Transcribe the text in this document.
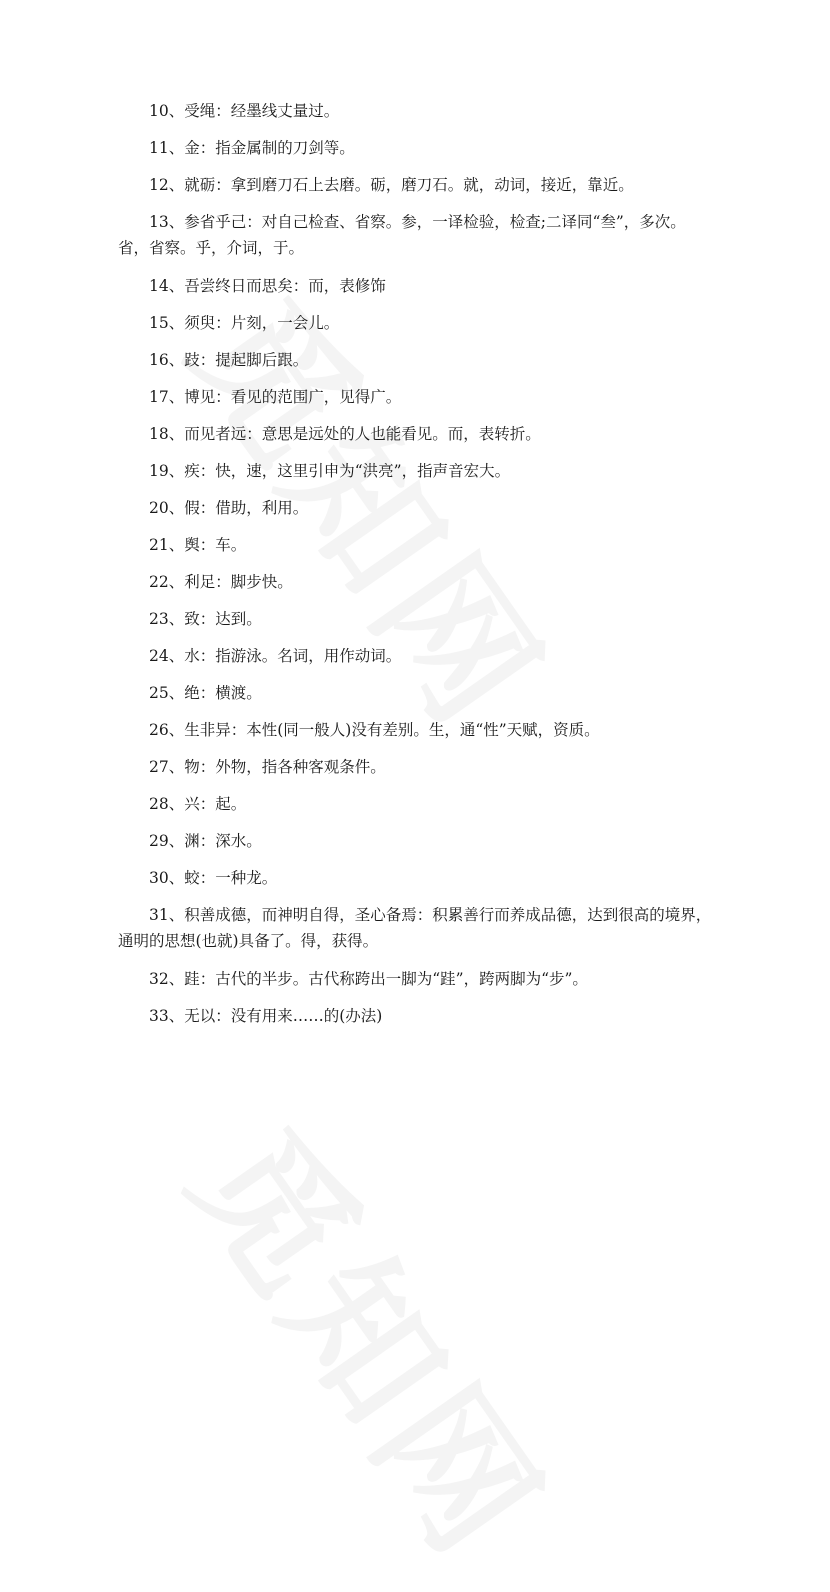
10、受绳：经墨线丈量过。

11、金：指金属制的刀剑等。

12、就砺：拿到磨刀石上去磨。砺，磨刀石。就，动词，接近，靠近。

13、参省乎己：对自己检查、省察。参，一译检验，检查;二译同“叁”，多次。省，省察。乎，介词，于。

14、吾尝终日而思矣：而，表修饰

15、须臾：片刻，一会儿。

16、跂：提起脚后跟。

17、博见：看见的范围广，见得广。

18、而见者远：意思是远处的人也能看见。而，表转折。

19、疾：快，速，这里引申为“洪亮”，指声音宏大。

20、假：借助，利用。

21、舆：车。

22、利足：脚步快。

23、致：达到。

24、水：指游泳。名词，用作动词。

25、绝：横渡。

26、生非异：本性(同一般人)没有差别。生，通“性”天赋，资质。

27、物：外物，指各种客观条件。

28、兴：起。

29、渊：深水。

30、蛟：一种龙。

31、积善成德，而神明自得，圣心备焉：积累善行而养成品德，达到很高的境界，通明的思想(也就)具备了。得，获得。

32、跬：古代的半步。古代称跨出一脚为“跬”，跨两脚为“步”。

33、无以：没有用来……的(办法)
